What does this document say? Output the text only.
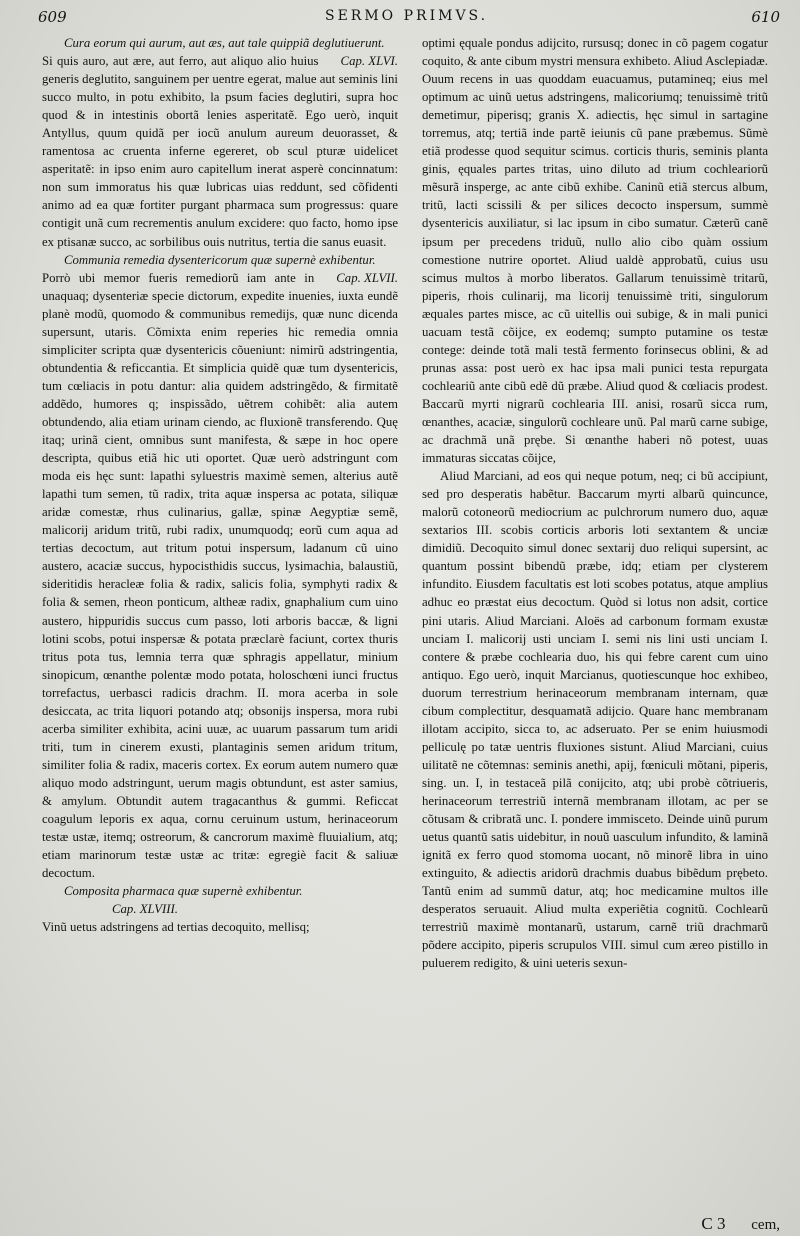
609	SERMO PRIMVS.	610

Cura eorum qui aurum, aut æs, aut tale quippiã deglutiuerunt.
Cap. XLVI.

Si quis auro, aut ære, aut ferro, aut aliquo alio huius generis deglutito, sanguinem per uentre egerat, malue aut seminis lini succo multo, in potu exhibito, la psum facies deglutiri, supra hoc quod & in intestinis obortã lenies asperitatẽ. Ego uerò, inquit Antyllus, quum quidã per iocũ anulum aureum deuorasset, & ramentosa ac cruenta inferne egereret, ob scul pturæ uidelicet asperitatẽ: in ipso enim auro capitellum inerat asperè concinnatum: non sum immoratus his quæ lubricas uias reddunt, sed cõfidenti animo ad ea quæ fortiter purgant pharmaca sum progressus: quare contigit unã cum recrementis anulum excidere: quo facto, homo ipse ex ptisanæ succo, ac sorbilibus ouis nutritus, tertia die sanus euasit.

Communia remedia dysentericorum quæ supernè exhibentur.
Cap. XLVII.

Porrò ubi memor fueris remediorũ iam ante in unaquaq; dysenteriæ specie dictorum, expedite inuenies, iuxta eundẽ planè modũ, quomodo & communibus remedijs, quæ nunc dicenda supersunt, utaris. Cõmixta enim reperies hic remedia omnia simpliciter scripta quæ dysentericis cõueniunt: nimirũ adstringentia, obtundentia & reficcantia. Et simplicia quidẽ quæ tum dysentericis, tum cœliacis in potu dantur: alia quidem adstringẽdo, & firmitatẽ addẽdo, humores q; inspissãdo, uẽtrem cohibẽt: alia autem obtundendo, alia etiam urinam ciendo, ac fluxionẽ transferendo. Quę itaq; urinã cient, omnibus sunt manifesta, & sæpe in hoc opere descripta, quibus etiã hic uti oportet. Quæ uerò adstringunt com moda eis hęc sunt: lapathi syluestris maximè semen, alterius autẽ lapathi tum semen, tũ radix, trita aquæ inspersa ac potata, siliquæ aridæ comestæ, rhus culinarius, gallæ, spinæ Aegyptiæ semẽ, malicorij aridum tritũ, rubi radix, unumquodq; eorũ cum aqua ad tertias decoctum, aut tritum potui inspersum, ladanum cũ uino austero, acaciæ succus, hypocisthidis succus, lysimachia, balaustiũ, sideritidis heracleæ folia & radix, salicis folia, symphyti radix & folia & semen, rheon ponticum, altheæ radix, gnaphalium cum uino austero, hippuridis succus cum passo, loti arboris baccæ, & ligni lotini scobs, potui inspersæ & potata præclarè faciunt, cortex thuris tritus pota tus, lemnia terra quæ sphragis appellatur, minium sinopicum, œnanthe polentæ modo potata, holoschœni iunci fructus torrefactus, uerbasci radicis drachm. II. mora acerba in sole desiccata, ac trita liquori potando atq; obsonijs inspersa, mora rubi acerba similiter exhibita, acini uuæ, ac uuarum passarum tum aridi triti, tum in cinerem exusti, plantaginis semen aridum tritum, similiter folia & radix, maceris cortex. Ex eorum autem numero quæ aliquo modo adstringunt, uerum magis obtundunt, est aster samius, & amylum. Obtundit autem tragacanthus & gummi. Reficcat coagulum leporis ex aqua, cornu ceruinum ustum, herinaceorum testæ ustæ, itemq; ostreorum, & cancrorum maximè fluuialium, atq; etiam marinorum testæ ustæ ac tritæ: egregiè facit & saliuæ decoctum.

Composita pharmaca quæ supernè exhibentur.

Cap. XLVIII.

Vinũ uetus adstringens ad tertias decoquito, mellisq;

optimi ęquale pondus adijcito, rursusq; donec in cõ pagem cogatur coquito, & ante cibum mystri mensura exhibeto. Aliud Asclepiadæ. Ouum recens in uas quoddam euacuamus, putamineq; eius mel optimum ac uinũ uetus adstringens, malicoriumq; tenuissimè tritũ demetimur, piperisq; granis X. adiectis, hęc simul in sartagine torremus, atq; tertiã inde partẽ ieiunis cũ pane præbemus. Sũmè etiã prodesse quod sequitur scimus. corticis thuris, seminis planta ginis, ęquales partes tritas, uino diluto ad trium cochleariorũ mẽsurã insperge, ac ante cibũ exhibe. Caninũ etiã stercus album, tritũ, lacti scissili & per silices decocto inspersum, summè dysentericis auxiliatur, si lac ipsum in cibo sumatur. Cæterũ canẽ ipsum per precedens triduũ, nullo alio cibo quàm ossium comestione nutrire oportet. Aliud ualdè approbatũ, cuius usu scimus multos à morbo liberatos. Gallarum tenuissimè tritarũ, piperis, rhois culinarij, ma licorij tenuissimè triti, singulorum æquales partes misce, ac cũ uitellis oui subige, & in mali punici uacuam testã cõijce, ex eodemq; sumpto putamine os testæ contege: deinde totã mali testã fermento forinsecus oblini, & ad prunas assa: post uerò ex hac ipsa mali punici testa repurgata cochleariũ ante cibũ edẽ dũ præbe. Aliud quod & cœliacis prodest. Baccarũ myrti nigrarũ cochlearia III. anisi, rosarũ sicca rum, œnanthes, acaciæ, singulorũ cochleare unũ. Pal marũ carne subige, ac drachmã unã prębe. Si œnanthe haberi nõ potest, uuas immaturas siccatas cõijce,

Aliud Marciani, ad eos qui neque potum, neq; ci bũ accipiunt, sed pro desperatis habẽtur. Baccarum myrti albarũ quincunce, malorũ cotoneorũ mediocrium ac pulchrorum numero duo, aquæ sextarios III. scobis corticis arboris loti sextantem & unciæ dimidiũ. Decoquito simul donec sextarij duo reliqui supersint, ac quantum possint bibendũ præbe, idq; etiam per clysterem infundito. Eiusdem facultatis est loti scobes potatus, atque amplius adhuc eo præstat eius decoctum. Quòd si lotus non adsit, cortice pini utaris. Aliud Marciani. Aloës ad carbonum formam exustæ unciam I. malicorij usti unciam I. semi nis lini usti unciam I. contere & præbe cochlearia duo, his qui febre carent cum uino antiquo. Ego uerò, inquit Marcianus, quotiescunque hoc exhibeo, duorum terrestrium herinaceorum membranam internam, quæ cibum complectitur, desquamatã adijcio. Quare hanc membranam illotam accipito, sicca to, ac adseruato. Per se enim huiusmodi pelliculę po tatæ uentris fluxiones sistunt. Aliud Marciani, cuius uilitatẽ ne cõtemnas: seminis anethi, apij, fœniculi mõtani, piperis, sing. un. I, in testaceã pilã conijcito, atq; ubi probè cõtriueris, herinaceorum terrestriũ internã membranam illotam, ac per se cõtusam & cribratã unc. I. pondere immisceto. Deinde uinũ purum uetus quantũ satis uidebitur, in nouũ uasculum infundito, & laminã ignitã ex ferro quod stomoma uocant, nõ minorẽ libra in uino extinguito, & adiectis aridorũ drachmis duabus bibẽdum prębeto. Tantũ enim ad summũ datur, atq; hoc medicamine multos ille desperatos seruauit. Aliud multa experiẽtia cognitũ. Cochlearũ terrestriũ maximè montanarũ, ustarum, carnẽ triũ drachmarũ põdere accipito, piperis scrupulos VIII. simul cum æreo pistillo in puluerem redigito, & uini ueteris sexun-

C 3 cem,
